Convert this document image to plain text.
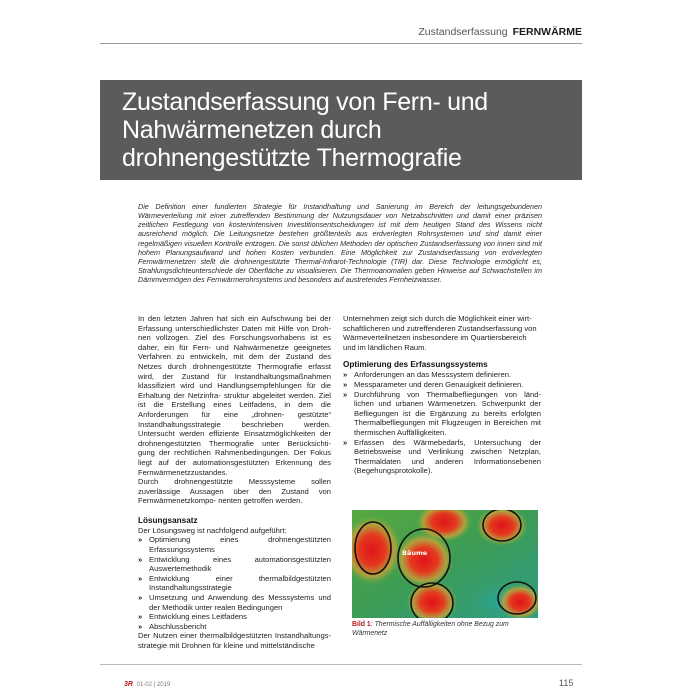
Zustandserfassung FERNWÄRME
Zustandserfassung von Fern- und
Nahwärmenetzen durch
drohnengestützte Thermografie

Die Definition einer fundierten Strategie für Instandhaltung und Sanierung im Bereich der leitungsgebundenen Wärmeverteilung mit einer zutreffenden Bestimmung der Nutzungsdauer von Netzabschnitten und damit einer präzisen zeitlichen Festlegung von kostenintensiven Investitionsentscheidungen ist mit dem heutigen Stand des Wissens nicht ausreichend möglich. Die Leitungsnetze bestehen größtenteils aus erdverlegten Rohrsystemen und sind damit einer regelmäßigen visuellen Kontrolle entzogen. Die sonst üblichen Methoden der optischen Zustandserfassung von innen sind mit hohem Planungsaufwand und hohen Kosten verbunden. Eine Möglichkeit zur Zustandserfassung von erdverlegten Fernwärmenetzen stellt die drohnengestützte Thermal-Infrarot-Technologie (TIR) dar. Diese Technologie ermöglicht es, Strahlungsdichteunterschiede der Oberfläche zu visualisieren. Die Thermoanomalien geben Hinweise auf Schwachstellen im Dämmvermögen des Fernwärmerohrsystems und besonders auf austretendes Fernheizwasser.

In den letzten Jahren hat sich ein Aufschwung bei der Erfassung unterschiedlichster Daten mit Hilfe von Droh- nen vollzogen. Ziel des Forschungsvorhabens ist es daher, ein für Fern- und Nahwärmenetze geeignetes Verfahren zu entwickeln, mit dem der Zustand des Netzes durch drohnengestützte Thermografie erfasst wird, der Zustand für Instandhaltungsmaßnahmen klassifiziert wird und Handlungsempfehlungen für die Erhaltung der Netzinfra- struktur abgeleitet werden. Ziel ist die Erstellung eines Leitfadens, in dem die Anforderungen für eine „drohnen- gestützte“ Instandhaltungsstrategie beschrieben werden. Untersucht werden effiziente Einsatzmöglichkeiten der drohnengestützten Thermografie unter Berücksichti- gung der rechtlichen Rahmenbedingungen. Der Fokus liegt auf der automationsgestützten Erkennung des Fernwärmenetzzustandes.
Durch drohnengestützte Messsysteme sollen zuverlässige Aussagen über den Zustand von Fernwärmenetzkompo- nenten getroffen werden.

Lösungsansatz

Der Lösungsweg ist nachfolgend aufgeführt:

» Optimierung eines drohnengestützten Erfassungssystems
» Entwicklung eines automationsgestützten Auswertemethodik
» Entwicklung einer thermalbildgestützten Instandhaltungsstrategie
» Umsetzung und Anwendung des Messsystems und der Methodik unter realen Bedingungen
» Entwicklung eines Leitfadens
» Abschlussbericht

Der Nutzen einer thermalbildgestützten Instandhaltungs- strategie mit Drohnen für kleine und mittelständische

Unternehmen zeigt sich durch die Möglichkeit einer wirt- schaftlicheren und zutreffenderen Zustandserfassung von Wärmeverteilnetzen insbesondere im Quartiersbereich und im ländlichen Raum.

Optimierung des Erfassungssystems
» Anforderungen an das Messsystem definieren.
» Messparameter und deren Genauigkeit definieren.
» Durchführung von Thermalbefliegungen von länd- lichen und urbanen Wärmenetzen. Schwerpunkt der Befliegungen ist die Ergänzung zu bereits erfolgten Thermalbefliegungen mit Flugzeugen in Bereichen mit thermischen Auffälligkeiten.
» Erfassen des Wärmebedarfs, Untersuchung der Betriebsweise und Verlinkung zwischen Netzplan, Thermaldaten und anderen Informationsebenen (Begehungsprotokolle).
Bäume
Bild 1: Thermische Auffälligkeiten ohne Bezug zum
Wärmenetz
3R 01-02 | 2019	115
